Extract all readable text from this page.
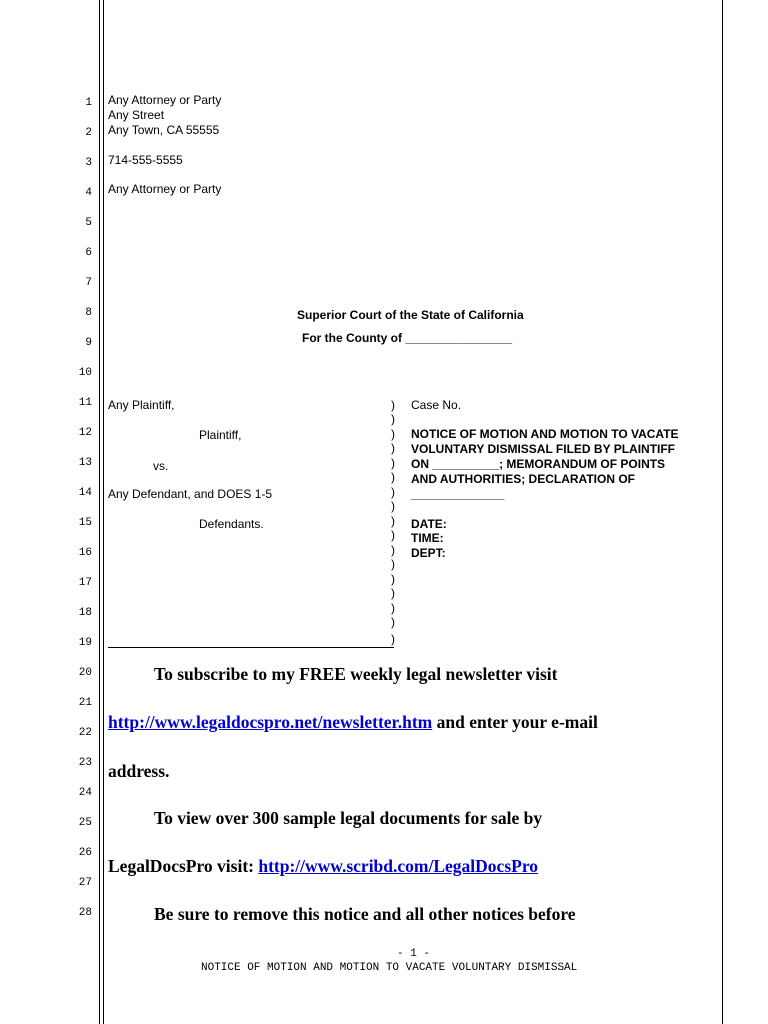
1
2
3
4
5
6
7
8
9
10
11
12
13
14
15
16
17
18
19
20
21
22
23
24
25
26
27
28
Any Attorney or Party
Any Street
Any Town, CA 55555
714-555-5555
Any Attorney or Party
Superior Court of the State of California
For the County of ________________
Any Plaintiff,
Plaintiff,
vs.
Any Defendant, and DOES 1-5
Defendants.
)
)
)
)
)
)
)
)
)
)
)
)
)
)
)
)
)
Case No.
NOTICE OF MOTION AND MOTION TO VACATE
VOLUNTARY DISMISSAL FILED BY PLAINTIFF
ON __________; MEMORANDUM OF POINTS
AND AUTHORITIES; DECLARATION OF
______________
DATE:
TIME:
DEPT:
To subscribe to my FREE weekly legal newsletter visit
http://www.legaldocspro.net/newsletter.htm and enter your e-mail
address.
To view over 300 sample legal documents for sale by
LegalDocsPro visit: http://www.scribd.com/LegalDocsPro
Be sure to remove this notice and all other notices before
- 1 -
NOTICE OF MOTION AND MOTION TO VACATE VOLUNTARY DISMISSAL
